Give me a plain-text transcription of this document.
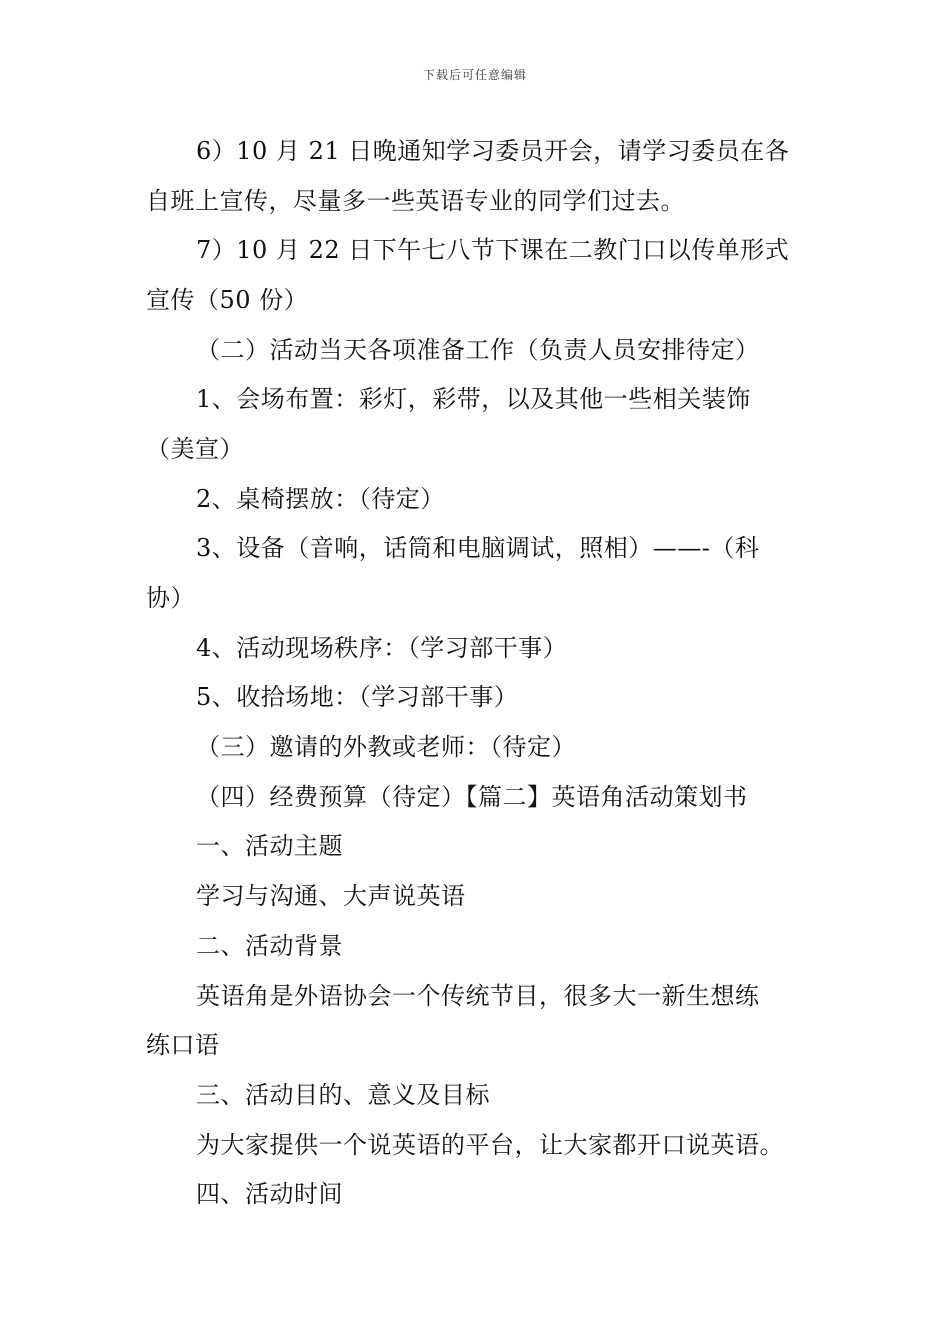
下载后可任意编辑
6）10 月 21 日晚通知学习委员开会，请学习委员在各
自班上宣传，尽量多一些英语专业的同学们过去。
7）10 月 22 日下午七八节下课在二教门口以传单形式
宣传（50 份）
（二）活动当天各项准备工作（负责人员安排待定）
1、会场布置：彩灯，彩带，以及其他一些相关装饰
（美宣）
2、桌椅摆放：（待定）
3、设备（音响，话筒和电脑调试，照相）——-（科
协）
4、活动现场秩序：（学习部干事）
5、收拾场地：（学习部干事）
（三）邀请的外教或老师：（待定）
（四）经费预算（待定）【篇二】英语角活动策划书
一、活动主题
学习与沟通、大声说英语
二、活动背景
英语角是外语协会一个传统节目，很多大一新生想练
练口语
三、活动目的、意义及目标
为大家提供一个说英语的平台，让大家都开口说英语。
四、活动时间
